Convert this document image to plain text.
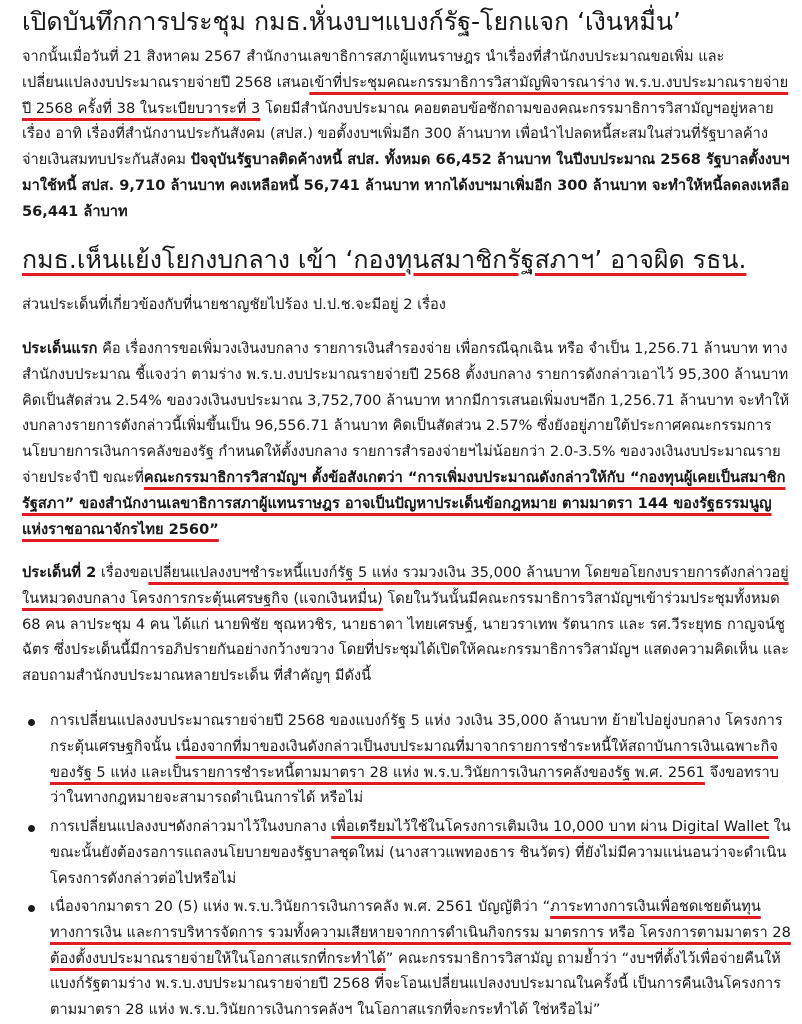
เปิดบันทึกการประชุม กมธ.หั่นงบฯแบงก์รัฐ-โยกแจก ‘เงินหมื่น’

จากนั้นเมื่อวันที่ 21 สิงหาคม 2567 สำนักงานเลขาธิการสภาผู้แทนราษฎร นำเรื่องที่สำนักงบประมาณขอเพิ่ม และเปลี่ยนแปลงงบประมาณรายจ่ายปี 2568 เสนอเข้าที่ประชุมคณะกรรมาธิการวิสามัญพิจารณาร่าง พ.ร.บ.งบประมาณรายจ่ายปี 2568 ครั้งที่ 38 ในระเบียบวาระที่ 3 โดยมีสำนักงบประมาณ คอยตอบข้อซักถามของคณะกรรมาธิการวิสามัญฯอยู่หลายเรื่อง อาทิ เรื่องที่สำนักงานประกันสังคม (สปส.) ขอตั้งงบฯเพิ่มอีก 300 ล้านบาท เพื่อนำไปลดหนี้สะสมในส่วนที่รัฐบาลค้างจ่ายเงินสมทบประกันสังคม ปัจจุบันรัฐบาลติดค้างหนี้ สปส. ทั้งหมด 66,452 ล้านบาท ในปีงบประมาณ 2568 รัฐบาลตั้งงบฯมาใช้หนี้ สปส. 9,710 ล้านบาท คงเหลือหนี้ 56,741 ล้านบาท หากได้งบฯมาเพิ่มอีก 300 ล้านบาท จะทำให้หนี้ลดลงเหลือ 56,441 ล้าบาท

กมธ.เห็นแย้งโยกงบกลาง เข้า ‘กองทุนสมาชิกรัฐสภาฯ’ อาจผิด รธน.

ส่วนประเด็นที่เกี่ยวข้องกับที่นายชาญชัยไปร้อง ป.ป.ช.จะมีอยู่ 2 เรื่อง

ประเด็นแรก คือ เรื่องการขอเพิ่มวงเงินงบกลาง รายการเงินสำรองจ่าย เพื่อกรณีฉุกเฉิน หรือ จำเป็น 1,256.71 ล้านบาท ทางสำนักงบประมาณ ชี้แจงว่า ตามร่าง พ.ร.บ.งบประมาณรายจ่ายปี 2568 ตั้งงบกลาง รายการดังกล่าวเอาไว้ 95,300 ล้านบาท คิดเป็นสัดส่วน 2.54% ของวงเงินงบประมาณ 3,752,700 ล้านบาท หากมีการเสนอเพิ่มงบฯอีก 1,256.71 ล้านบาท จะทำให้งบกลางรายการดังกล่าวนี้เพิ่มขึ้นเป็น 96,556.71 ล้านบาท คิดเป็นสัดส่วน 2.57% ซึ่งยังอยู่ภายใต้ประกาศคณะกรรมการนโยบายการเงินการคลังของรัฐ กำหนดให้ตั้งงบกลาง รายการสำรองจ่ายฯไม่น้อยกว่า 2.0-3.5% ของวงเงินงบประมาณรายจ่ายประจำปี ขณะที่คณะกรรมาธิการวิสามัญฯ ตั้งข้อสังเกตว่า “การเพิ่มงบประมาณดังกล่าวให้กับ “กองทุนผู้เคยเป็นสมาชิกรัฐสภา” ของสำนักงานเลขาธิการสภาผู้แทนราษฎร อาจเป็นปัญหาประเด็นข้อกฎหมาย ตามมาตรา 144 ของรัฐธรรมนูญแห่งราชอาณาจักรไทย 2560”

ประเด็นที่ 2 เรื่องขอเปลี่ยนแปลงงบฯชำระหนี้แบงก์รัฐ 5 แห่ง รวมวงเงิน 35,000 ล้านบาท โดยขอโยกงบรายการดังกล่าวอยู่ในหมวดงบกลาง โครงการกระตุ้นเศรษฐกิจ (แจกเงินหมื่น) โดยในวันนั้นมีคณะกรรมาธิการวิสามัญฯเข้าร่วมประชุมทั้งหมด 68 คน ลาประชุม 4 คน ได้แก่ นายพิชัย ชุณหวชิร, นายธาดา ไทยเศรษฐ์, นายวราเทพ รัตนากร และ รศ.วีระยุทธ กาญจน์ชูฉัตร ซึ่งประเด็นนี้มีการอภิปรายกันอย่างกว้างขวาง โดยที่ประชุมได้เปิดให้คณะกรรมาธิการวิสามัญฯ แสดงความคิดเห็น และสอบถามสำนักงบประมาณหลายประเด็น ที่สำคัญๆ มีดังนี้

การเปลี่ยนแปลงงบประมาณรายจ่ายปี 2568 ของแบงก์รัฐ 5 แห่ง วงเงิน 35,000 ล้านบาท ย้ายไปอยู่งบกลาง โครงการกระตุ้นเศรษฐกิจนั้น เนื่องจากที่มาของเงินดังกล่าวเป็นงบประมาณที่มาจากรายการชำระหนี้ให้สถาบันการเงินเฉพาะกิจของรัฐ 5 แห่ง และเป็นรายการชำระหนี้ตามมาตรา 28 แห่ง พ.ร.บ.วินัยการเงินการคลังของรัฐ พ.ศ. 2561 จึงขอทราบว่าในทางกฎหมายจะสามารถดำเนินการได้ หรือไม่
การเปลี่ยนแปลงงบฯดังกล่าวมาไว้ในงบกลาง เพื่อเตรียมไว้ใช้ในโครงการเติมเงิน 10,000 บาท ผ่าน Digital Wallet ในขณะนั้นยังต้องรอการแถลงนโยบายของรัฐบาลชุดใหม่ (นางสาวแพทองธาร ชินวัตร) ที่ยังไม่มีความแน่นอนว่าจะดำเนินโครงการดังกล่าวต่อไปหรือไม่
เนื่องจากมาตรา 20 (5) แห่ง พ.ร.บ.วินัยการเงินการคลัง พ.ศ. 2561 บัญญัติว่า “ภาระทางการเงินเพื่อชดเชยต้นทุนทางการเงิน และการบริหารจัดการ รวมทั้งความเสียหายจากการดำเนินกิจกรรม มาตรการ หรือ โครงการตามมาตรา 28 ต้องตั้งงบประมาณรายจ่ายให้ในโอกาสแรกที่กระทำได้” คณะกรรมาธิการวิสามัญ ถามย้ำว่า “งบฯที่ตั้งไว้เพื่อจ่ายคืนให้แบงก์รัฐตามร่าง พ.ร.บ.งบประมาณรายจ่ายปี 2568 ที่จะโอนเปลี่ยนแปลงงบประมาณในครั้งนี้ เป็นการคืนเงินโครงการตามมาตรา 28 แห่ง พ.ร.บ.วินัยการเงินการคลังฯ ในโอกาสแรกที่จะกระทำได้ ใช่หรือไม่”
